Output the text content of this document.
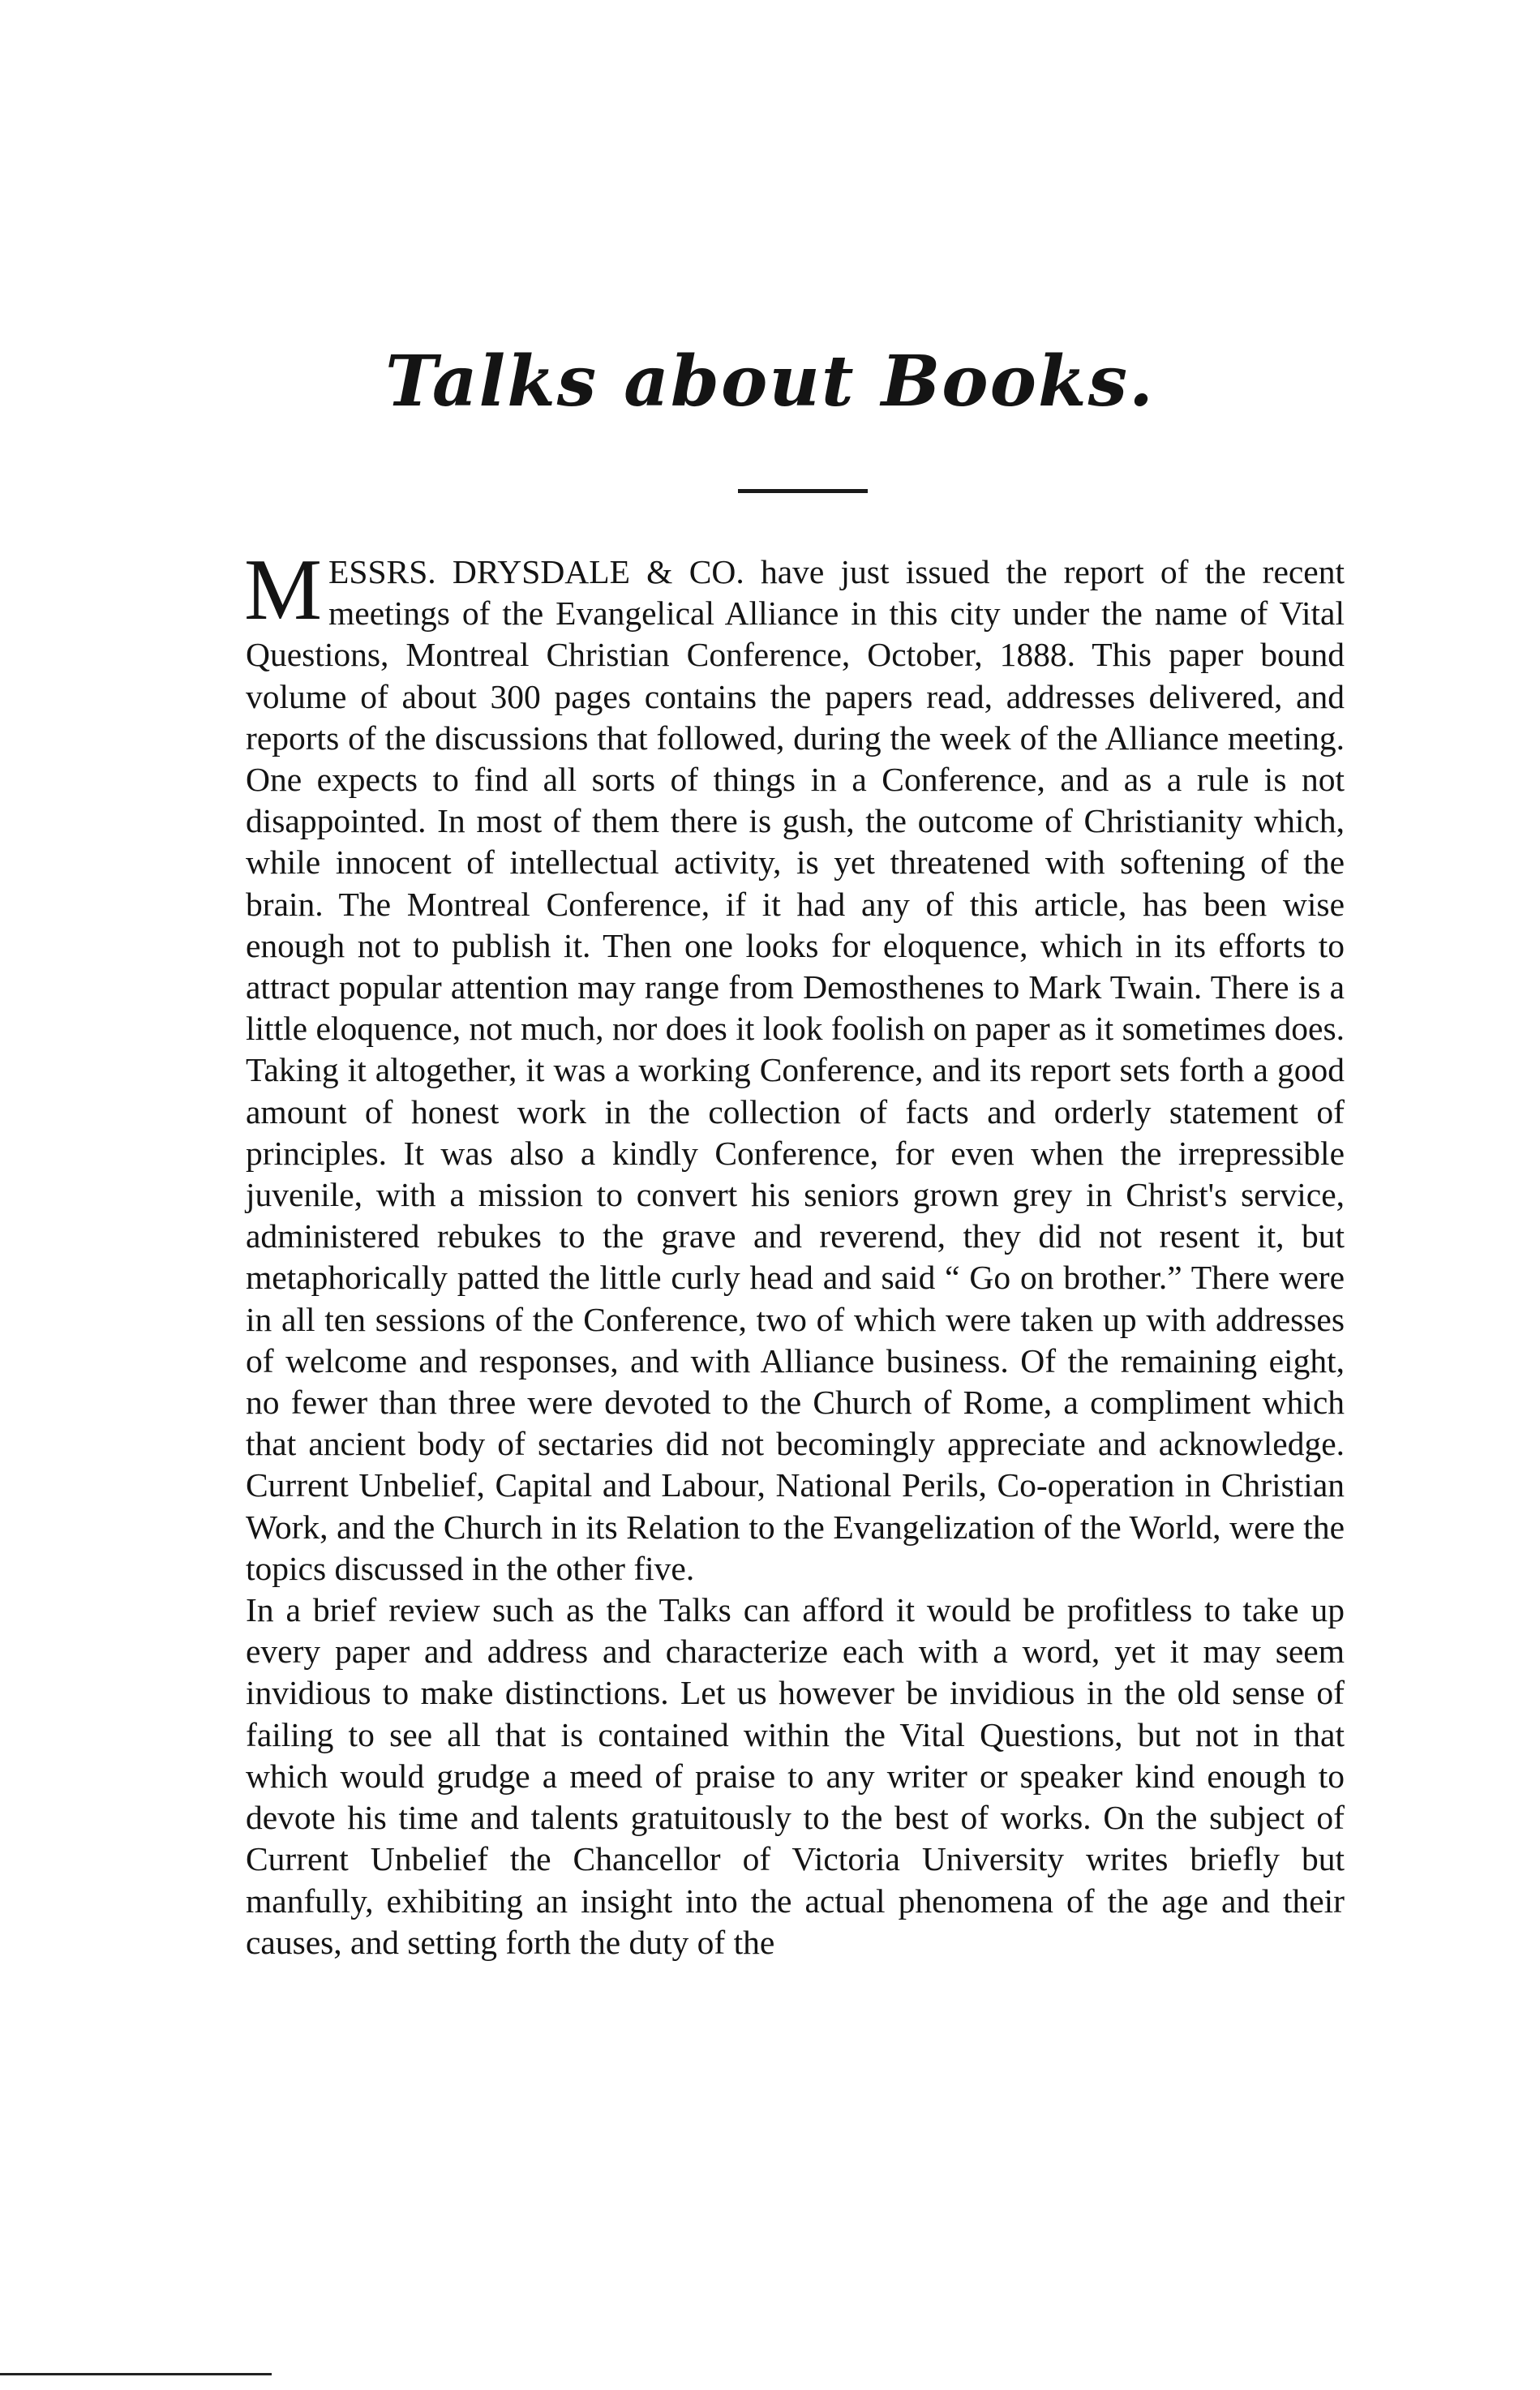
Talks about Books.

MESSRS. DRYSDALE & CO. have just issued the report of the recent meetings of the Evangelical Alliance in this city under the name of Vital Questions, Montreal Christian Conference, October, 1888. This paper bound volume of about 300 pages contains the papers read, addresses delivered, and reports of the discussions that followed, during the week of the Alliance meeting. One expects to find all sorts of things in a Conference, and as a rule is not disappointed. In most of them there is gush, the outcome of Christianity which, while innocent of intellectual activity, is yet threatened with softening of the brain. The Montreal Conference, if it had any of this article, has been wise enough not to publish it. Then one looks for eloquence, which in its efforts to attract popular attention may range from Demosthenes to Mark Twain. There is a little eloquence, not much, nor does it look foolish on paper as it sometimes does. Taking it altogether, it was a working Conference, and its report sets forth a good amount of honest work in the collection of facts and orderly statement of principles. It was also a kindly Conference, for even when the irrepressible juvenile, with a mission to convert his seniors grown grey in Christ's service, administered rebukes to the grave and reverend, they did not resent it, but metaphorically patted the little curly head and said “ Go on brother.” There were in all ten sessions of the Conference, two of which were taken up with addresses of welcome and responses, and with Alliance business. Of the remaining eight, no fewer than three were devoted to the Church of Rome, a compliment which that ancient body of sectaries did not becomingly appreciate and acknowledge. Current Unbelief, Capital and Labour, National Perils, Co-operation in Christian Work, and the Church in its Relation to the Evangelization of the World, were the topics discussed in the other five.

In a brief review such as the Talks can afford it would be profitless to take up every paper and address and characterize each with a word, yet it may seem invidious to make distinctions. Let us however be invidious in the old sense of failing to see all that is contained within the Vital Questions, but not in that which would grudge a meed of praise to any writer or speaker kind enough to devote his time and talents gratuitously to the best of works. On the subject of Current Unbelief the Chancellor of Victoria University writes briefly but manfully, exhibiting an insight into the actual phenomena of the age and their causes, and setting forth the duty of the
